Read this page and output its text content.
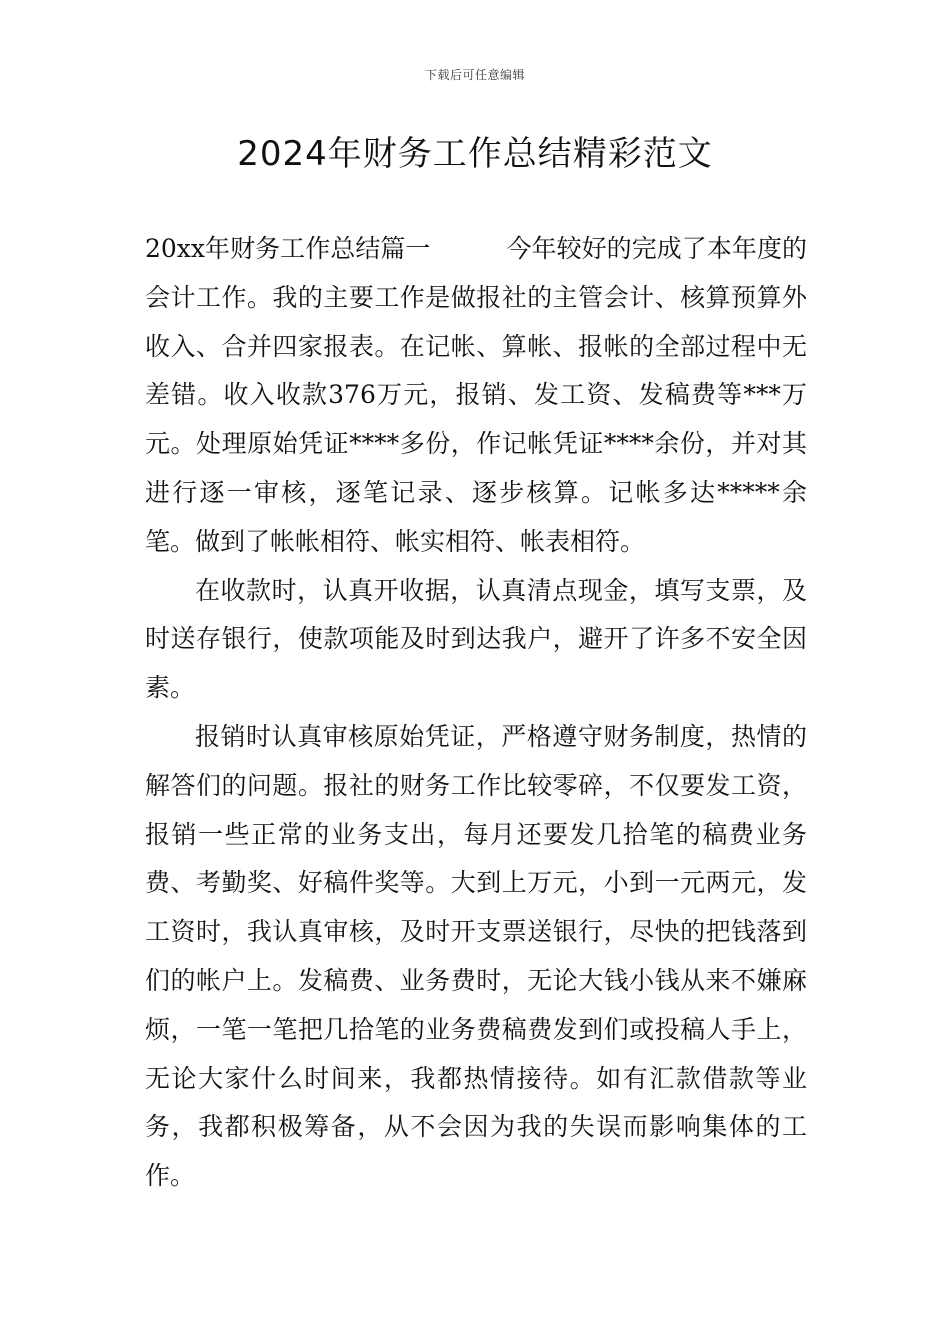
下载后可任意编辑
2024年财务工作总结精彩范文

20xx年财务工作总结篇一	今年较好的完成了本年度的会计工作。我的主要工作是做报社的主管会计、核算预算外收入、合并四家报表。在记帐、算帐、报帐的全部过程中无差错。收入收款376万元，报销、发工资、发稿费等***万元。处理原始凭证****多份，作记帐凭证****余份，并对其进行逐一审核，逐笔记录、逐步核算。记帐多达*****余笔。做到了帐帐相符、帐实相符、帐表相符。

在收款时，认真开收据，认真清点现金，填写支票，及时送存银行，使款项能及时到达我户，避开了许多不安全因素。

报销时认真审核原始凭证，严格遵守财务制度，热情的解答们的问题。报社的财务工作比较零碎，不仅要发工资，报销一些正常的业务支出，每月还要发几拾笔的稿费业务费、考勤奖、好稿件奖等。大到上万元，小到一元两元，发工资时，我认真审核，及时开支票送银行，尽快的把钱落到们的帐户上。发稿费、业务费时，无论大钱小钱从来不嫌麻烦，一笔一笔把几拾笔的业务费稿费发到们或投稿人手上，无论大家什么时间来，我都热情接待。如有汇款借款等业务，我都积极筹备，从不会因为我的失误而影响集体的工作。
